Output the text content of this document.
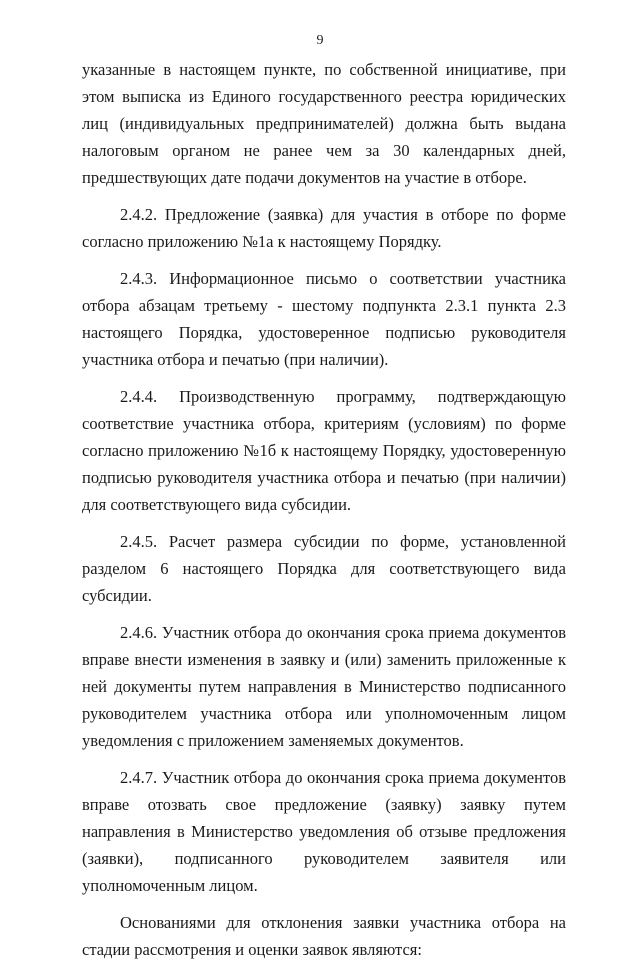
9

указанные в настоящем пункте, по собственной инициативе, при этом выписка из Единого государственного реестра юридических лиц (индивидуальных предпринимателей) должна быть выдана налоговым органом не ранее чем за 30 календарных дней, предшествующих дате подачи документов на участие в отборе.

2.4.2. Предложение (заявка) для участия в отборе по форме согласно приложению №1а к настоящему Порядку.

2.4.3. Информационное письмо о соответствии участника отбора абзацам третьему - шестому подпункта 2.3.1 пункта 2.3 настоящего Порядка, удостоверенное подписью руководителя участника отбора и печатью (при наличии).

2.4.4. Производственную программу, подтверждающую соответствие участника отбора, критериям (условиям) по форме согласно приложению №1б к настоящему Порядку, удостоверенную подписью руководителя участника отбора и печатью (при наличии) для соответствующего вида субсидии.

2.4.5. Расчет размера субсидии по форме, установленной разделом 6 настоящего Порядка для соответствующего вида субсидии.

2.4.6. Участник отбора до окончания срока приема документов вправе внести изменения в заявку и (или) заменить приложенные к ней документы путем направления в Министерство подписанного руководителем участника отбора или уполномоченным лицом уведомления с приложением заменяемых документов.

2.4.7. Участник отбора до окончания срока приема документов вправе отозвать свое предложение (заявку) заявку путем направления в Министерство уведомления об отзыве предложения (заявки), подписанного руководителем заявителя или уполномоченным лицом.

Основаниями для отклонения заявки участника отбора на стадии рассмотрения и оценки заявок являются:
